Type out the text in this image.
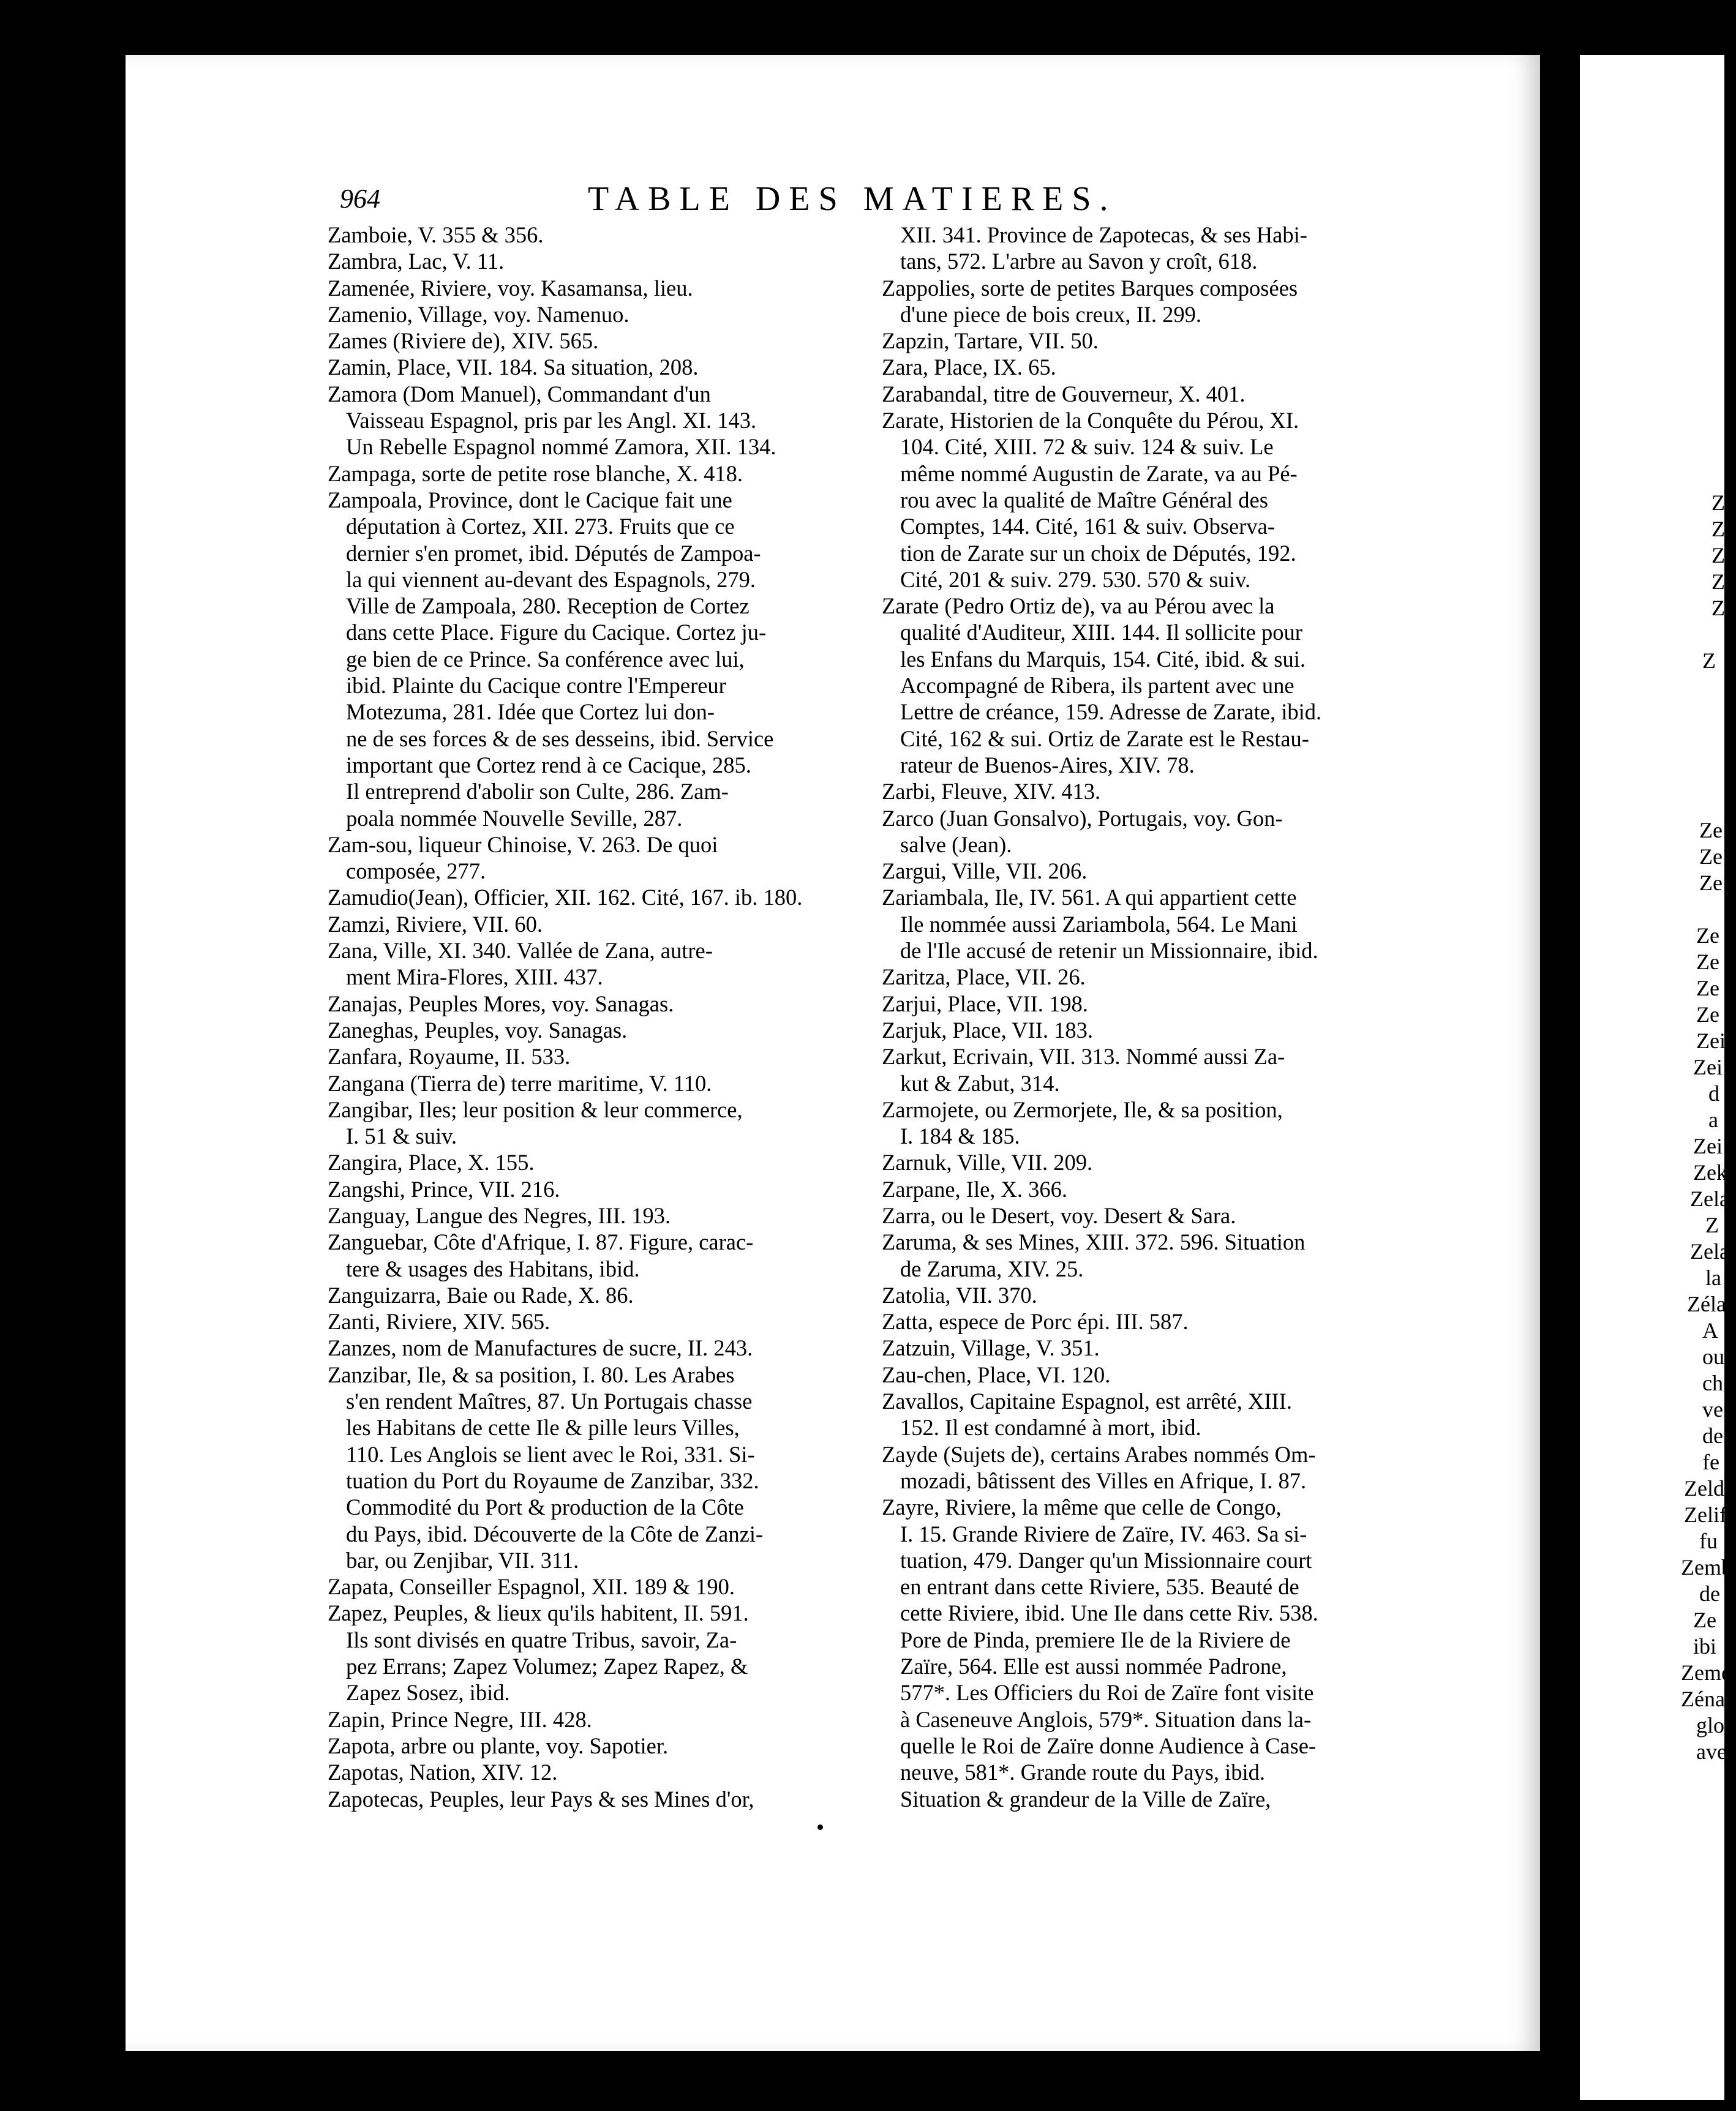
Z
Z
Z
Z
Z
Z
Ze
Ze
Ze
Ze
Ze
Ze
Ze
Zei
Zei
d
a
Zei
Zek
Zela
Z
Zela
la
Zéla
A
ou
ch
ve
de
fe
Zelda
Zelif
fu
Zemb
de
Ze
ibi
Zeme
Zénau
glo
ave
964	TABLE DES MATIERES.
Zamboie, V. 355 & 356.
Zambra, Lac, V. 11.
Zamenée, Riviere, voy. Kasamansa, lieu.
Zamenio, Village, voy. Namenuo.
Zames (Riviere de), XIV. 565.
Zamin, Place, VII. 184. Sa situation, 208.
Zamora (Dom Manuel), Commandant d'un
Vaisseau Espagnol, pris par les Angl. XI. 143.
Un Rebelle Espagnol nommé Zamora, XII. 134.
Zampaga, sorte de petite rose blanche, X. 418.
Zampoala, Province, dont le Cacique fait une
députation à Cortez, XII. 273. Fruits que ce
dernier s'en promet, ibid. Députés de Zampoa-
la qui viennent au-devant des Espagnols, 279.
Ville de Zampoala, 280. Reception de Cortez
dans cette Place. Figure du Cacique. Cortez ju-
ge bien de ce Prince. Sa conférence avec lui,
ibid. Plainte du Cacique contre l'Empereur
Motezuma, 281. Idée que Cortez lui don-
ne de ses forces & de ses desseins, ibid. Service
important que Cortez rend à ce Cacique, 285.
Il entreprend d'abolir son Culte, 286. Zam-
poala nommée Nouvelle Seville, 287.
Zam-sou, liqueur Chinoise, V. 263. De quoi
composée, 277.
Zamudio(Jean), Officier, XII. 162. Cité, 167. ib. 180.
Zamzi, Riviere, VII. 60.
Zana, Ville, XI. 340. Vallée de Zana, autre-
ment Mira-Flores, XIII. 437.
Zanajas, Peuples Mores, voy. Sanagas.
Zaneghas, Peuples, voy. Sanagas.
Zanfara, Royaume, II. 533.
Zangana (Tierra de) terre maritime, V. 110.
Zangibar, Iles; leur position & leur commerce,
I. 51 & suiv.
Zangira, Place, X. 155.
Zangshi, Prince, VII. 216.
Zanguay, Langue des Negres, III. 193.
Zanguebar, Côte d'Afrique, I. 87. Figure, carac-
tere & usages des Habitans, ibid.
Zanguizarra, Baie ou Rade, X. 86.
Zanti, Riviere, XIV. 565.
Zanzes, nom de Manufactures de sucre, II. 243.
Zanzibar, Ile, & sa position, I. 80. Les Arabes
s'en rendent Maîtres, 87. Un Portugais chasse
les Habitans de cette Ile & pille leurs Villes,
110. Les Anglois se lient avec le Roi, 331. Si-
tuation du Port du Royaume de Zanzibar, 332.
Commodité du Port & production de la Côte
du Pays, ibid. Découverte de la Côte de Zanzi-
bar, ou Zenjibar, VII. 311.
Zapata, Conseiller Espagnol, XII. 189 & 190.
Zapez, Peuples, & lieux qu'ils habitent, II. 591.
Ils sont divisés en quatre Tribus, savoir, Za-
pez Errans; Zapez Volumez; Zapez Rapez, &
Zapez Sosez, ibid.
Zapin, Prince Negre, III. 428.
Zapota, arbre ou plante, voy. Sapotier.
Zapotas, Nation, XIV. 12.
Zapotecas, Peuples, leur Pays & ses Mines d'or,
XII. 341. Province de Zapotecas, & ses Habi-
tans, 572. L'arbre au Savon y croît, 618.
Zappolies, sorte de petites Barques composées
d'une piece de bois creux, II. 299.
Zapzin, Tartare, VII. 50.
Zara, Place, IX. 65.
Zarabandal, titre de Gouverneur, X. 401.
Zarate, Historien de la Conquête du Pérou, XI.
104. Cité, XIII. 72 & suiv. 124 & suiv. Le
même nommé Augustin de Zarate, va au Pé-
rou avec la qualité de Maître Général des
Comptes, 144. Cité, 161 & suiv. Observa-
tion de Zarate sur un choix de Députés, 192.
Cité, 201 & suiv. 279. 530. 570 & suiv.
Zarate (Pedro Ortiz de), va au Pérou avec la
qualité d'Auditeur, XIII. 144. Il sollicite pour
les Enfans du Marquis, 154. Cité, ibid. & sui.
Accompagné de Ribera, ils partent avec une
Lettre de créance, 159. Adresse de Zarate, ibid.
Cité, 162 & sui. Ortiz de Zarate est le Restau-
rateur de Buenos-Aires, XIV. 78.
Zarbi, Fleuve, XIV. 413.
Zarco (Juan Gonsalvo), Portugais, voy. Gon-
salve (Jean).
Zargui, Ville, VII. 206.
Zariambala, Ile, IV. 561. A qui appartient cette
Ile nommée aussi Zariambola, 564. Le Mani
de l'Ile accusé de retenir un Missionnaire, ibid.
Zaritza, Place, VII. 26.
Zarjui, Place, VII. 198.
Zarjuk, Place, VII. 183.
Zarkut, Ecrivain, VII. 313. Nommé aussi Za-
kut & Zabut, 314.
Zarmojete, ou Zermorjete, Ile, & sa position,
I. 184 & 185.
Zarnuk, Ville, VII. 209.
Zarpane, Ile, X. 366.
Zarra, ou le Desert, voy. Desert & Sara.
Zaruma, & ses Mines, XIII. 372. 596. Situation
de Zaruma, XIV. 25.
Zatolia, VII. 370.
Zatta, espece de Porc épi. III. 587.
Zatzuin, Village, V. 351.
Zau-chen, Place, VI. 120.
Zavallos, Capitaine Espagnol, est arrêté, XIII.
152. Il est condamné à mort, ibid.
Zayde (Sujets de), certains Arabes nommés Om-
mozadi, bâtissent des Villes en Afrique, I. 87.
Zayre, Riviere, la même que celle de Congo,
I. 15. Grande Riviere de Zaïre, IV. 463. Sa si-
tuation, 479. Danger qu'un Missionnaire court
en entrant dans cette Riviere, 535. Beauté de
cette Riviere, ibid. Une Ile dans cette Riv. 538.
Pore de Pinda, premiere Ile de la Riviere de
Zaïre, 564. Elle est aussi nommée Padrone,
577*. Les Officiers du Roi de Zaïre font visite
à Caseneuve Anglois, 579*. Situation dans la-
quelle le Roi de Zaïre donne Audience à Case-
neuve, 581*. Grande route du Pays, ibid.
Situation & grandeur de la Ville de Zaïre,
